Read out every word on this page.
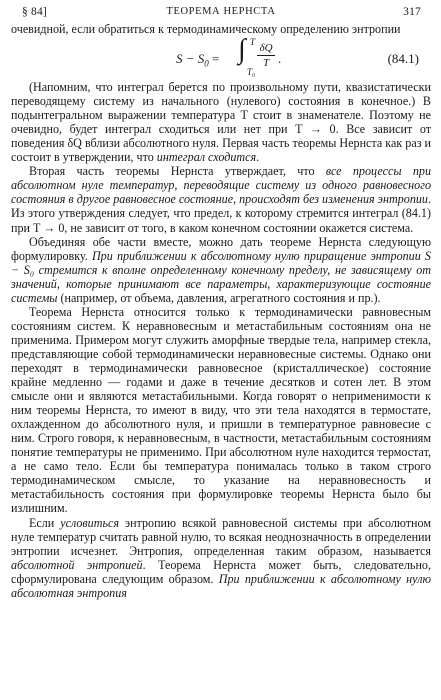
§ 84]	ТЕОРЕМА НЕРНСТА	317

очевидной, если обратиться к термодинамическому определению энтропии

$S - S_0$ = ∫ T
T₀
δQ
T .	(84.1)

(Напомним, что интеграл берется по произвольному пути, квазистатически переводящему систему из начального (нулевого) состояния в конечное.) В подынтегральном выражении температура T стоит в знаменателе. Поэтому не очевидно, будет интеграл сходиться или нет при T → 0. Все зависит от поведения δQ вблизи абсолютного нуля. Первая часть теоремы Нернста как раз и состоит в утверждении, что интеграл сходится.

Вторая часть теоремы Нернста утверждает, что все процессы при абсолютном нуле температур, переводящие систему из одного равновесного состояния в другое равновесное состояние, происходят без изменения энтропии. Из этого утверждения следует, что предел, к которому стремится интеграл (84.1) при T → 0, не зависит от того, в каком конечном состоянии окажется система.

Объединяя обе части вместе, можно дать теореме Нернста следующую формулировку. При приближении к абсолютному нулю приращение энтропии S − S₀ стремится к вполне определенному конечному пределу, не зависящему от значений, которые принимают все параметры, характеризующие состояние системы (например, от объема, давления, агрегатного состояния и пр.).

Теорема Нернста относится только к термодинамически равновесным состояниям систем. К неравновесным и метастабильным состояниям она не применима. Примером могут служить аморфные твердые тела, например стекла, представляющие собой термодинамически неравновесные системы. Однако они переходят в термодинамически равновесное (кристаллическое) состояние крайне медленно — годами и даже в течение десятков и сотен лет. В этом смысле они и являются метастабильными. Когда говорят о неприменимости к ним теоремы Нернста, то имеют в виду, что эти тела находятся в термостате, охлажденном до абсолютного нуля, и пришли в температурное равновесие с ним. Строго говоря, к неравновесным, в частности, метастабильным состояниям понятие температуры не применимо. При абсолютном нуле находится термостат, а не само тело. Если бы температура понималась только в таком строго термодинамическом смысле, то указание на неравновесность и метастабильность состояния при формулировке теоремы Нернста было бы излишним.

Если условиться энтропию всякой равновесной системы при абсолютном нуле температур считать равной нулю, то всякая неоднозначность в определении энтропии исчезнет. Энтропия, определенная таким образом, называется абсолютной энтропией. Теорема Нернста может быть, следовательно, сформулирована следующим образом. При приближении к абсолютному нулю абсолютная энтропия
